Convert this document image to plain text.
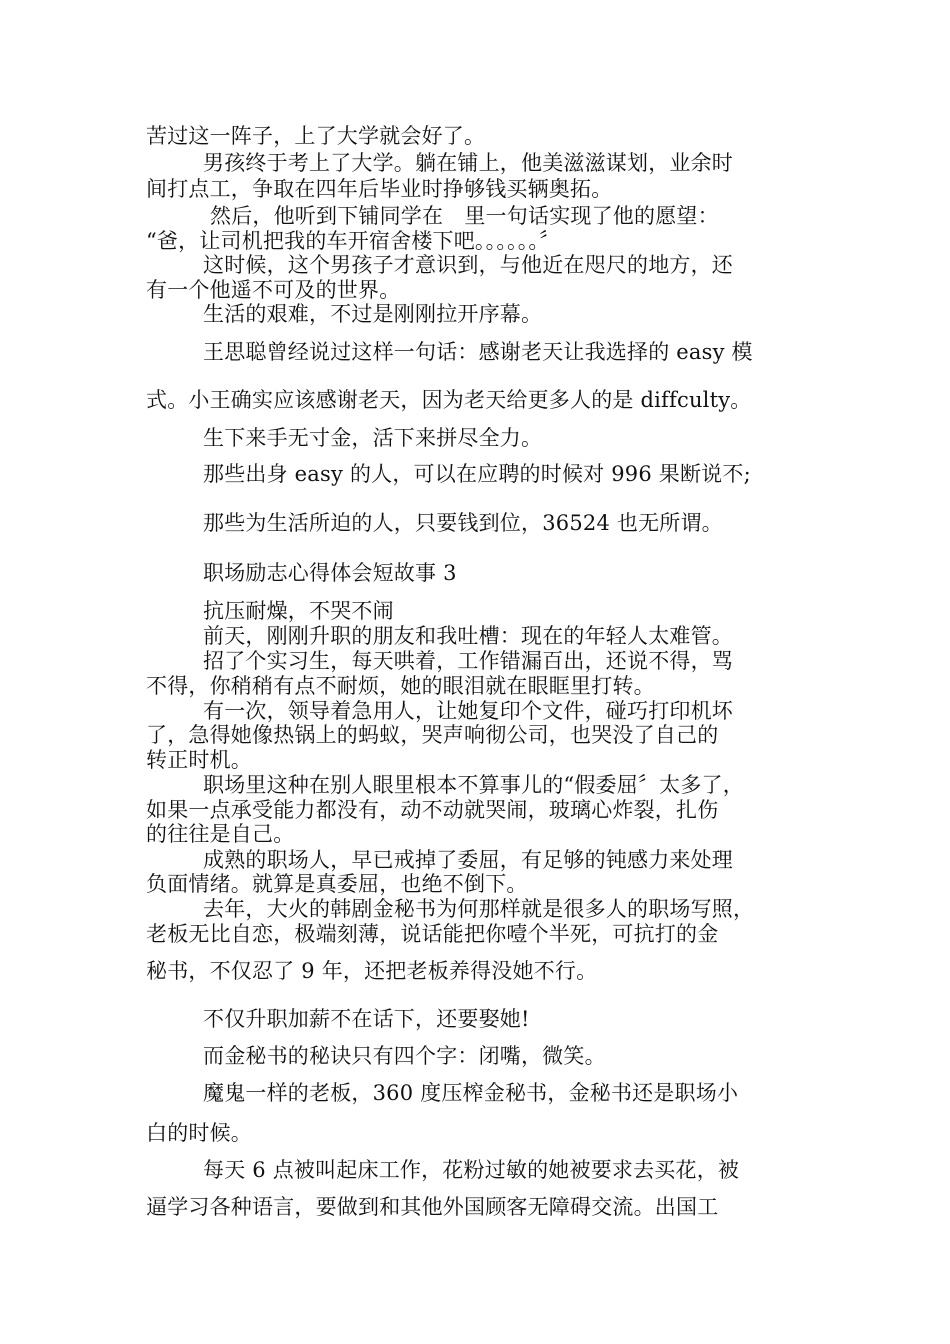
苦过这一阵子，上了大学就会好了。

男孩终于考上了大学。躺在铺上，他美滋滋谋划，业余时

间打点工，争取在四年后毕业时挣够钱买辆奥拓。

然后，他听到下铺同学在　里一句话实现了他的愿望：

“爸，让司机把我的车开宿舍楼下吧。。。。。。〞

这时候，这个男孩子才意识到，与他近在咫尺的地方，还

有一个他遥不可及的世界。

生活的艰难，不过是刚刚拉开序幕。

王思聪曾经说过这样一句话：感谢老天让我选择的 easy 模

式。小王确实应该感谢老天，因为老天给更多人的是 diffculty。

生下来手无寸金，活下来拼尽全力。

那些出身 easy 的人，可以在应聘的时候对 996 果断说不;

那些为生活所迫的人，只要钱到位，36524 也无所谓。

职场励志心得体会短故事 3

抗压耐燥，不哭不闹

前天，刚刚升职的朋友和我吐槽：现在的年轻人太难管。

招了个实习生，每天哄着，工作错漏百出，还说不得，骂

不得，你稍稍有点不耐烦，她的眼泪就在眼眶里打转。

有一次，领导着急用人，让她复印个文件，碰巧打印机坏

了，急得她像热锅上的蚂蚁，哭声响彻公司，也哭没了自己的

转正时机。

职场里这种在别人眼里根本不算事儿的“假委屈〞太多了，

如果一点承受能力都没有，动不动就哭闹，玻璃心炸裂，扎伤

的往往是自己。

成熟的职场人，早已戒掉了委屈，有足够的钝感力来处理

负面情绪。就算是真委屈，也绝不倒下。

去年，大火的韩剧金秘书为何那样就是很多人的职场写照，

老板无比自恋，极端刻薄，说话能把你噎个半死，可抗打的金

秘书，不仅忍了 9 年，还把老板养得没她不行。

不仅升职加薪不在话下，还要娶她!

而金秘书的秘诀只有四个字：闭嘴，微笑。

魔鬼一样的老板，360 度压榨金秘书，金秘书还是职场小

白的时候。

每天 6 点被叫起床工作，花粉过敏的她被要求去买花，被

逼学习各种语言，要做到和其他外国顾客无障碍交流。出国工
